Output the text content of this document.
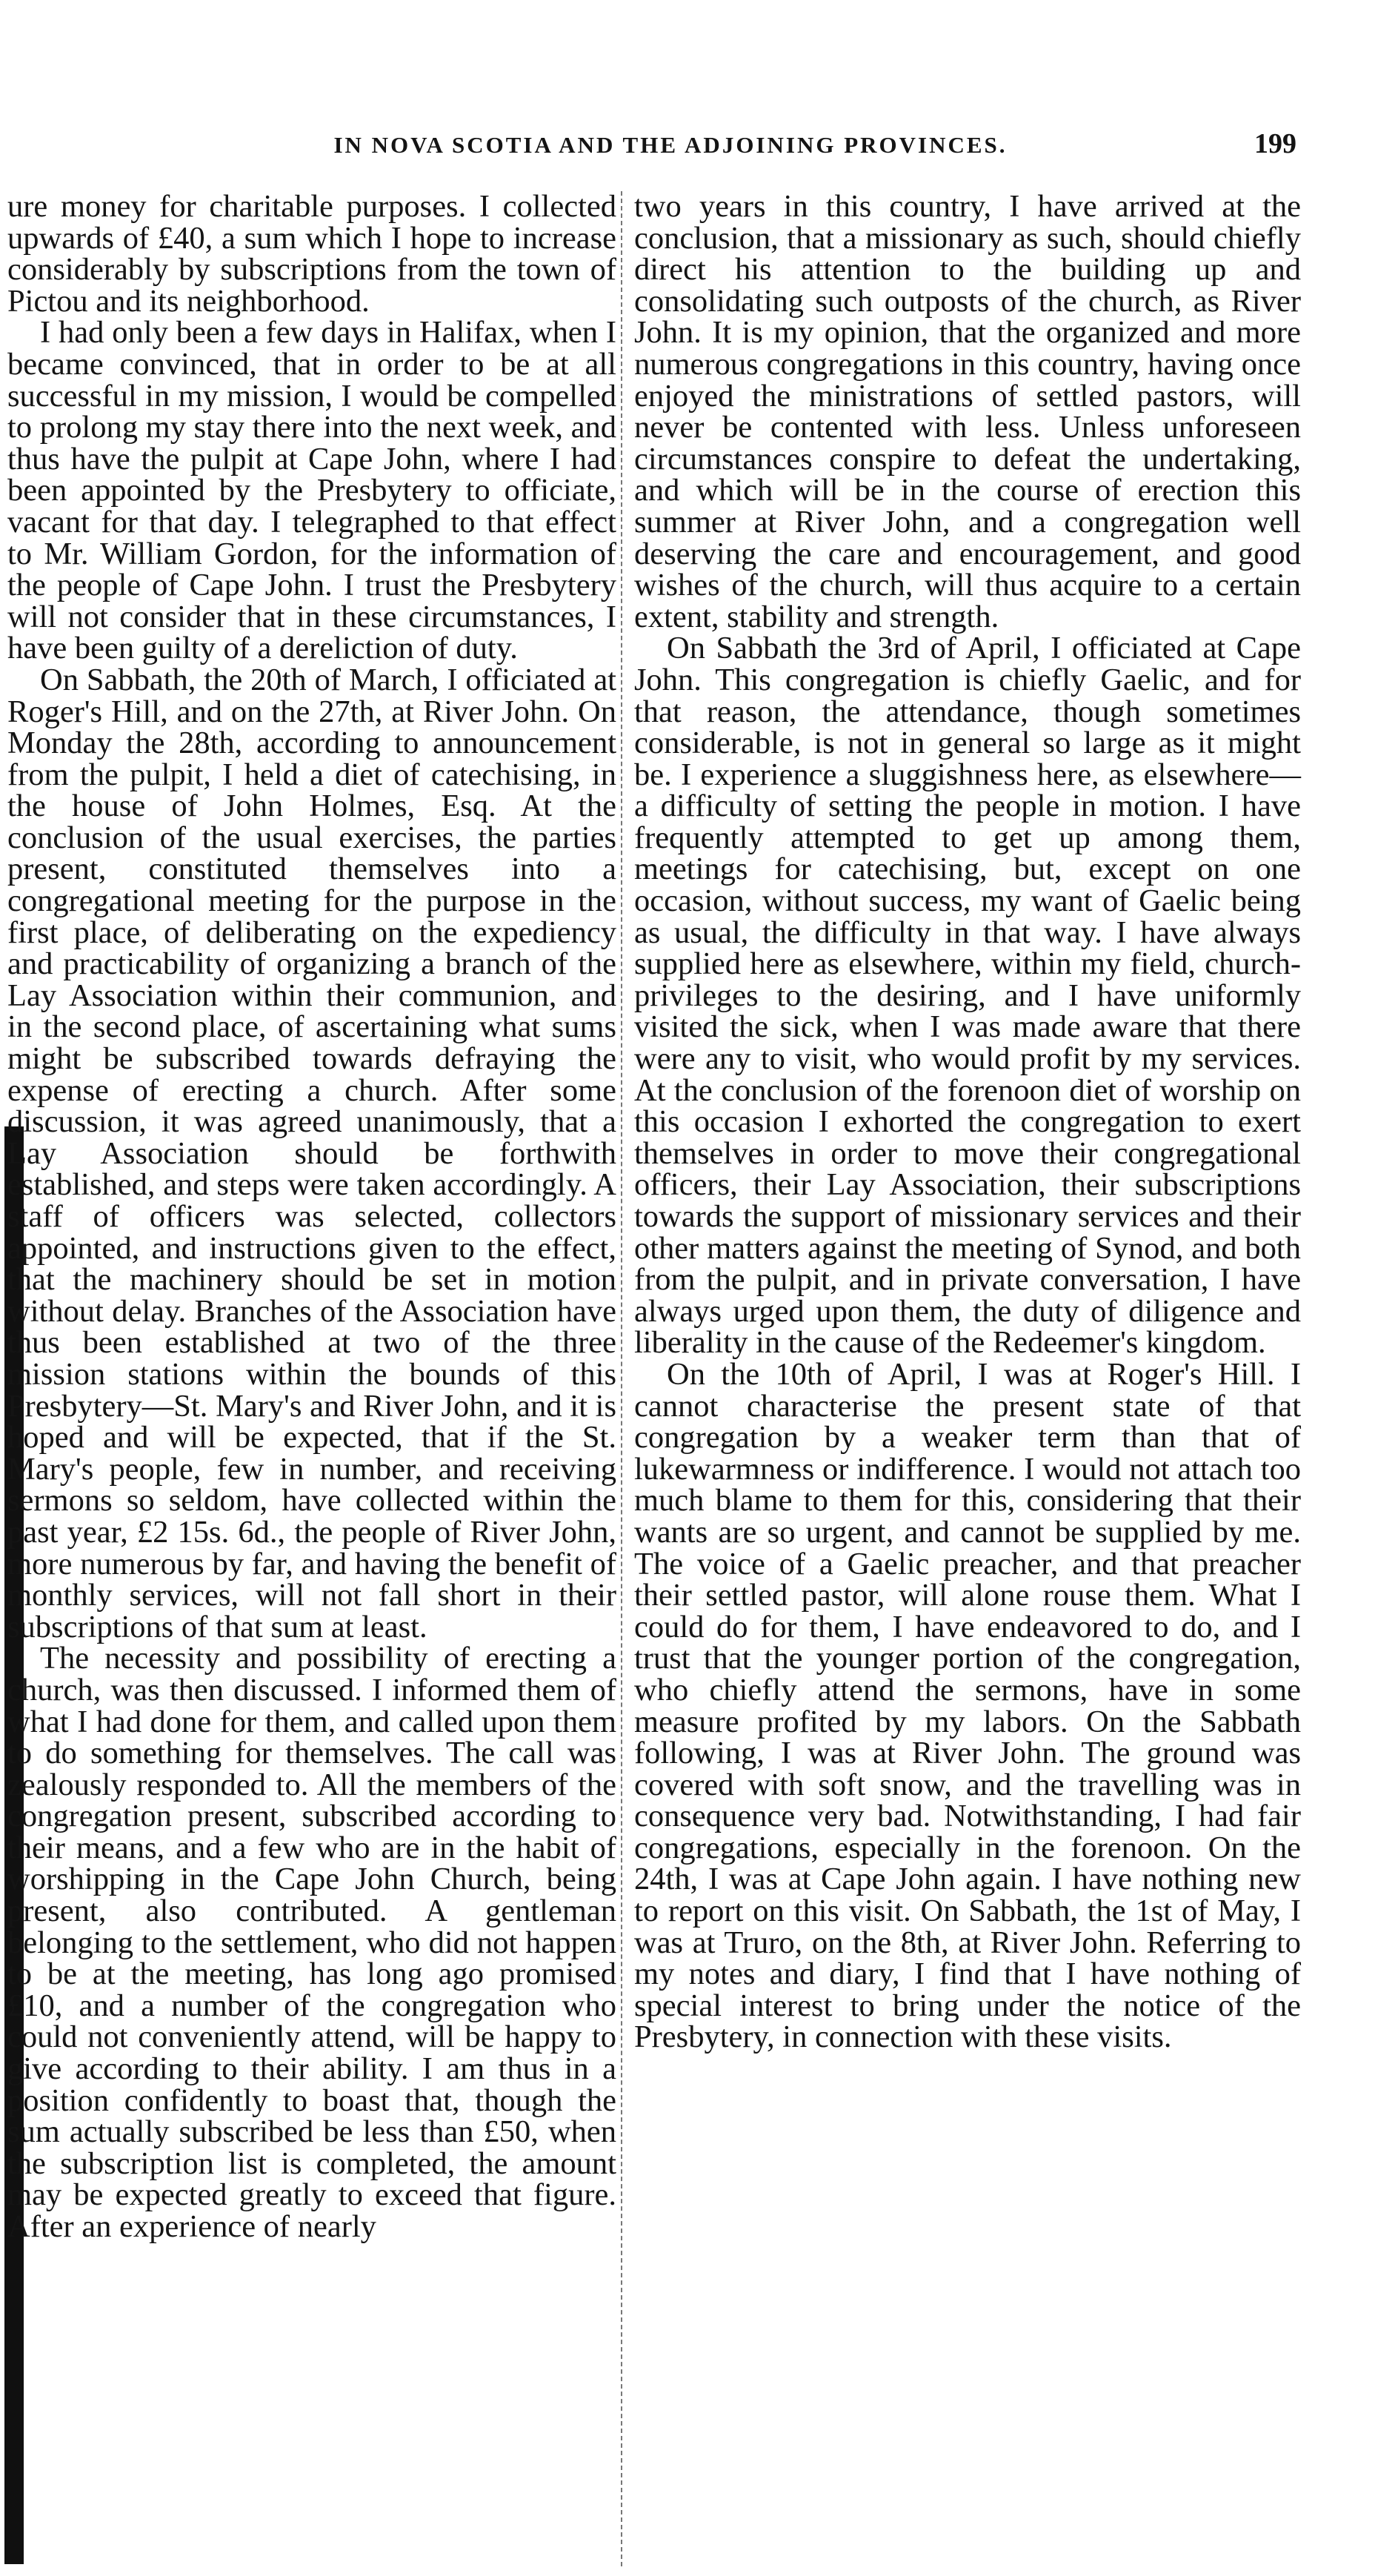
IN NOVA SCOTIA AND THE ADJOINING PROVINCES.	199

ure money for charitable purposes. I collected upwards of £40, a sum which I hope to increase considerably by subscriptions from the town of Pictou and its neighborhood.

I had only been a few days in Halifax, when I became convinced, that in order to be at all successful in my mission, I would be compelled to prolong my stay there into the next week, and thus have the pulpit at Cape John, where I had been appointed by the Presbytery to officiate, vacant for that day. I telegraphed to that effect to Mr. William Gordon, for the information of the people of Cape John. I trust the Presbytery will not consider that in these circumstances, I have been guilty of a dereliction of duty.

On Sabbath, the 20th of March, I officiated at Roger's Hill, and on the 27th, at River John. On Monday the 28th, according to announcement from the pulpit, I held a diet of catechising, in the house of John Holmes, Esq. At the conclusion of the usual exercises, the parties present, constituted themselves into a congregational meeting for the purpose in the first place, of deliberating on the expediency and practicability of organizing a branch of the Lay Association within their communion, and in the second place, of ascertaining what sums might be subscribed towards defraying the expense of erecting a church. After some discussion, it was agreed unanimously, that a Lay Association should be forthwith established, and steps were taken accordingly. A staff of officers was selected, collectors appointed, and instructions given to the effect, that the machinery should be set in motion without delay. Branches of the Association have thus been established at two of the three mission stations within the bounds of this Presbytery—St. Mary's and River John, and it is hoped and will be expected, that if the St. Mary's people, few in number, and receiving sermons so seldom, have collected within the past year, £2 15s. 6d., the people of River John, more numerous by far, and having the benefit of monthly services, will not fall short in their subscriptions of that sum at least.

The necessity and possibility of erecting a church, was then discussed. I informed them of what I had done for them, and called upon them to do something for themselves. The call was zealously responded to. All the members of the congregation present, subscribed according to their means, and a few who are in the habit of worshipping in the Cape John Church, being present, also contributed. A gentleman belonging to the settlement, who did not happen to be at the meeting, has long ago promised £10, and a number of the congregation who could not conveniently attend, will be happy to give according to their ability. I am thus in a position confidently to boast that, though the sum actually subscribed be less than £50, when the subscription list is completed, the amount may be expected greatly to exceed that figure. After an experience of nearly

two years in this country, I have arrived at the conclusion, that a missionary as such, should chiefly direct his attention to the building up and consolidating such outposts of the church, as River John. It is my opinion, that the organized and more numerous congregations in this country, having once enjoyed the ministrations of settled pastors, will never be contented with less. Unless unforeseen circumstances conspire to defeat the undertaking, and which will be in the course of erection this summer at River John, and a congregation well deserving the care and encouragement, and good wishes of the church, will thus acquire to a certain extent, stability and strength.

On Sabbath the 3rd of April, I officiated at Cape John. This congregation is chiefly Gaelic, and for that reason, the attendance, though sometimes considerable, is not in general so large as it might be. I experience a sluggishness here, as elsewhere—a difficulty of setting the people in motion. I have frequently attempted to get up among them, meetings for catechising, but, except on one occasion, without success, my want of Gaelic being as usual, the difficulty in that way. I have always supplied here as elsewhere, within my field, church-privileges to the desiring, and I have uniformly visited the sick, when I was made aware that there were any to visit, who would profit by my services. At the conclusion of the forenoon diet of worship on this occasion I exhorted the congregation to exert themselves in order to move their congregational officers, their Lay Association, their subscriptions towards the support of missionary services and their other matters against the meeting of Synod, and both from the pulpit, and in private conversation, I have always urged upon them, the duty of diligence and liberality in the cause of the Redeemer's kingdom.

On the 10th of April, I was at Roger's Hill. I cannot characterise the present state of that congregation by a weaker term than that of lukewarmness or indifference. I would not attach too much blame to them for this, considering that their wants are so urgent, and cannot be supplied by me. The voice of a Gaelic preacher, and that preacher their settled pastor, will alone rouse them. What I could do for them, I have endeavored to do, and I trust that the younger portion of the congregation, who chiefly attend the sermons, have in some measure profited by my labors. On the Sabbath following, I was at River John. The ground was covered with soft snow, and the travelling was in consequence very bad. Notwithstanding, I had fair congregations, especially in the forenoon. On the 24th, I was at Cape John again. I have nothing new to report on this visit. On Sabbath, the 1st of May, I was at Truro, on the 8th, at River John. Referring to my notes and diary, I find that I have nothing of special interest to bring under the notice of the Presbytery, in connection with these visits.
